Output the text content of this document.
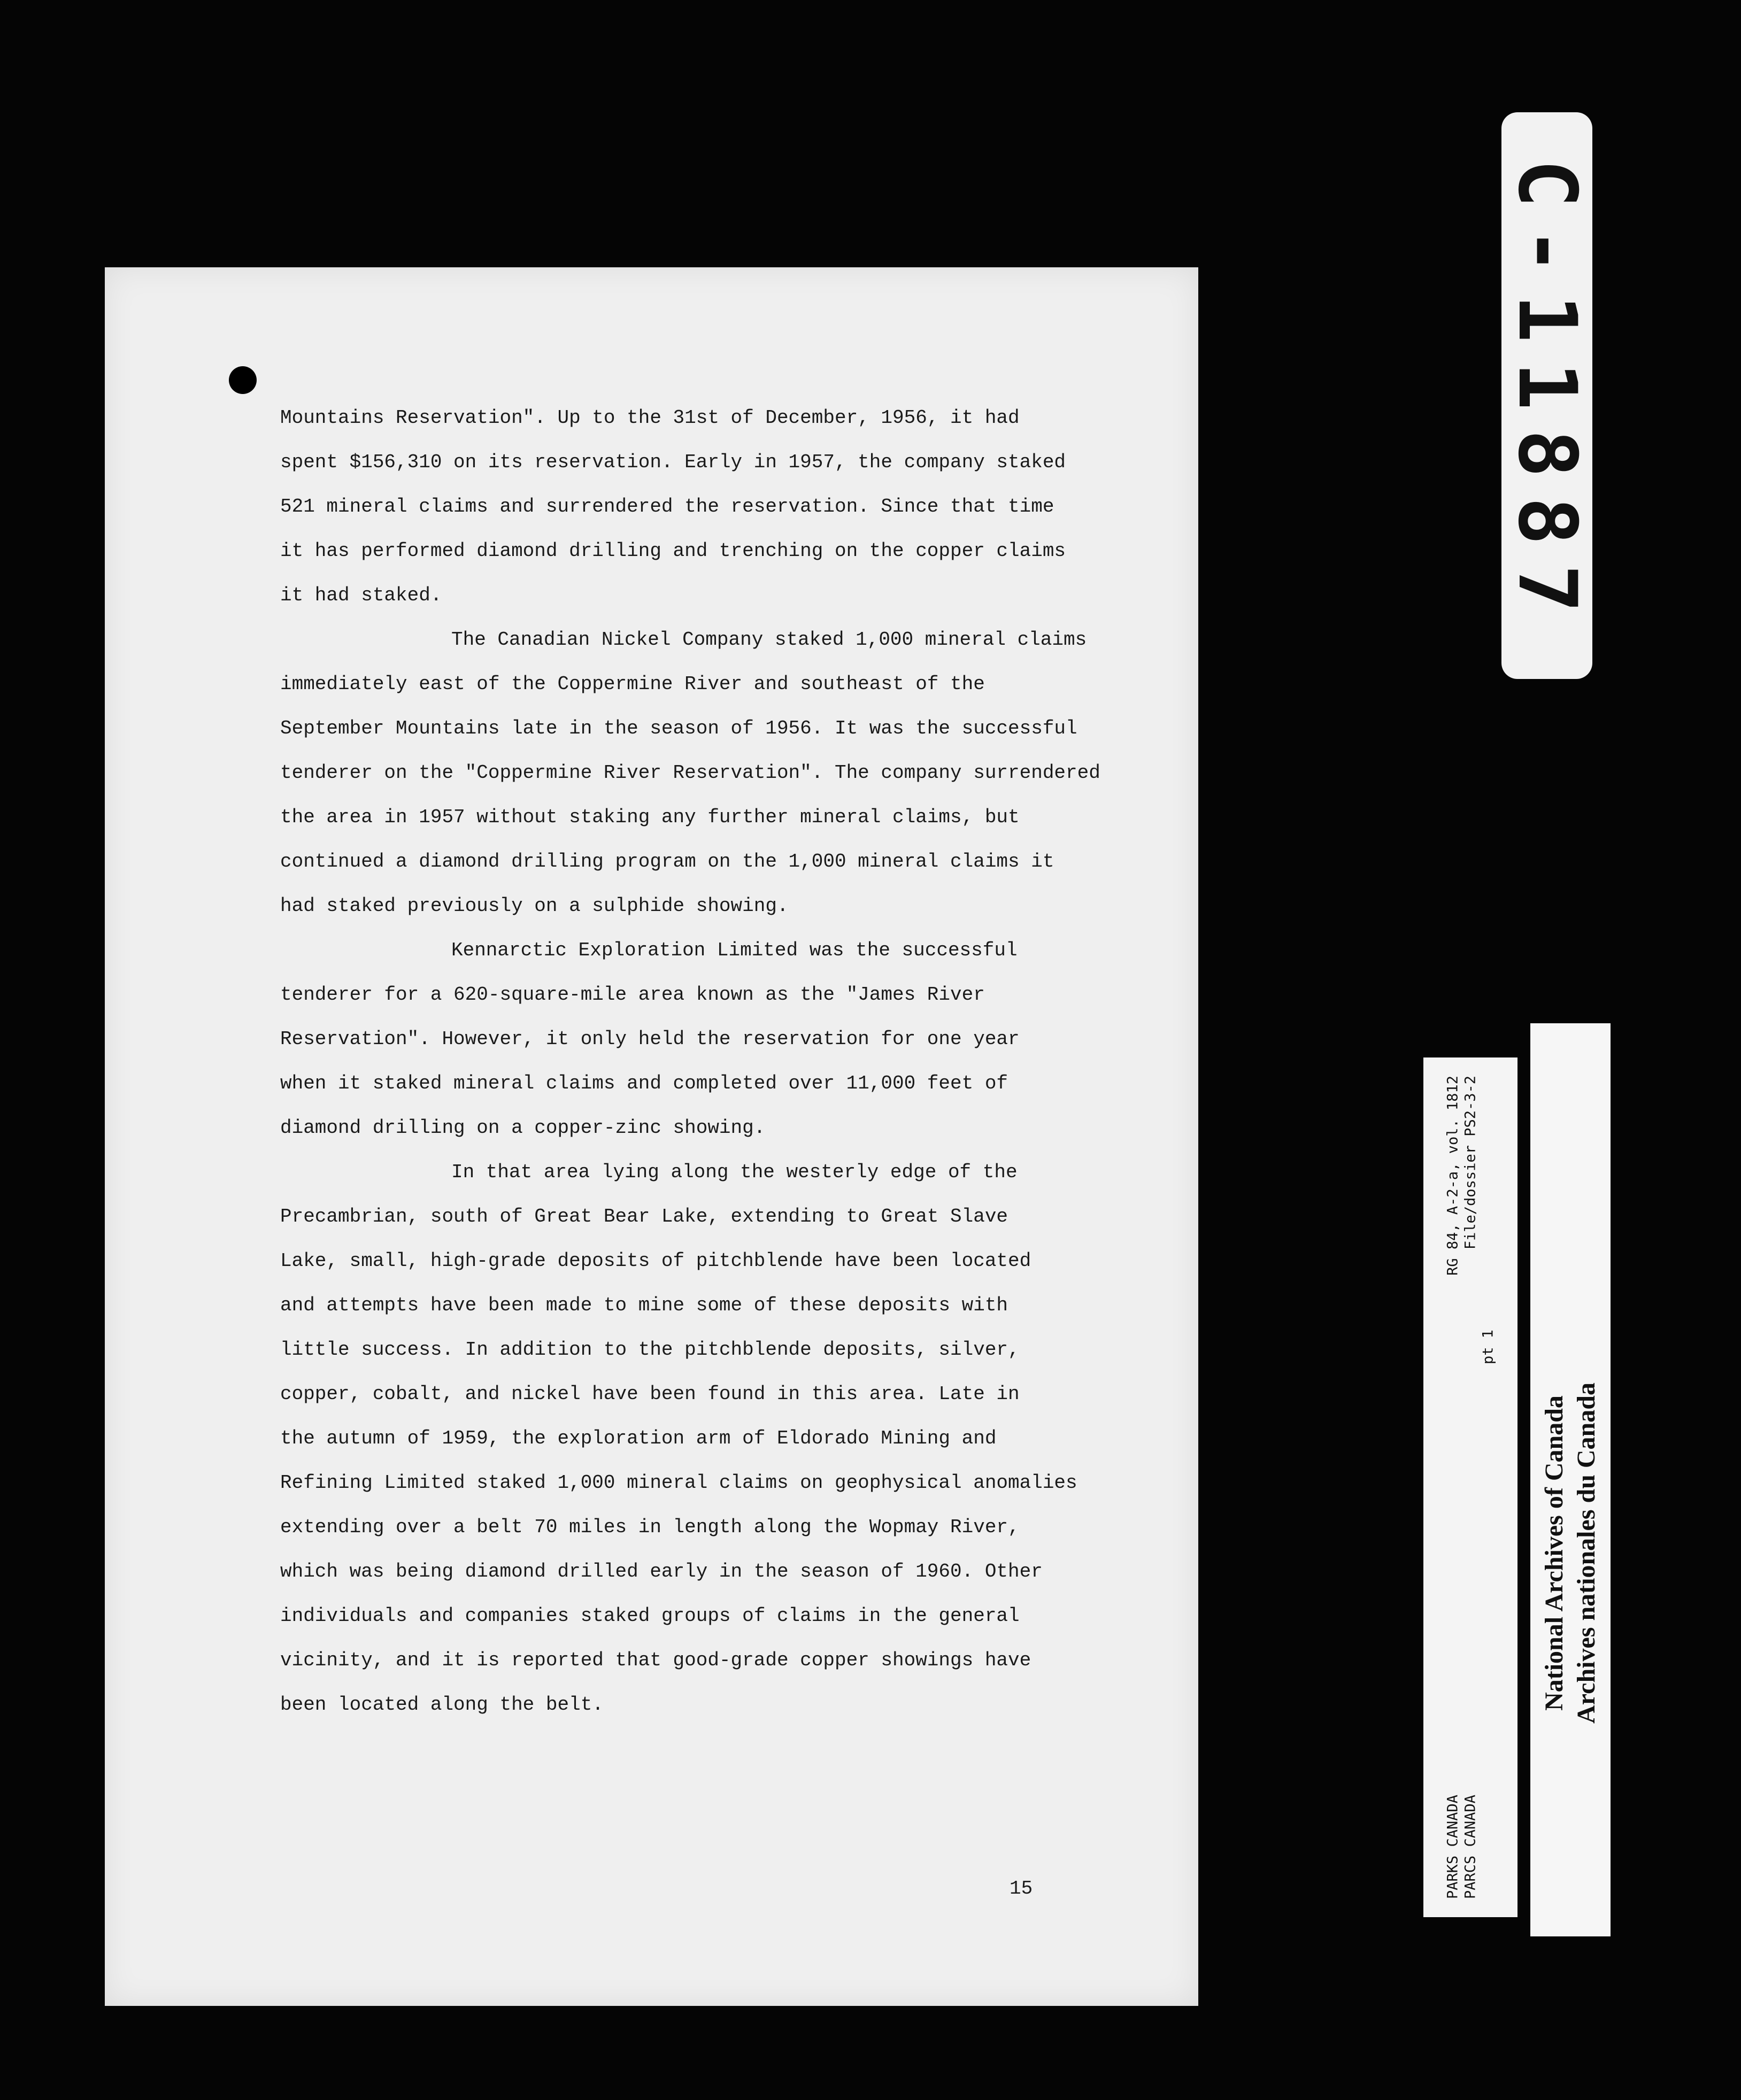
Mountains Reservation". Up to the 31st of December, 1956, it had
spent $156,310 on its reservation. Early in 1957, the company staked
521 mineral claims and surrendered the reservation. Since that time
it has performed diamond drilling and trenching on the copper claims
it had staked.
The Canadian Nickel Company staked 1,000 mineral claims
immediately east of the Coppermine River and southeast of the
September Mountains late in the season of 1956. It was the successful
tenderer on the "Coppermine River Reservation". The company surrendered
the area in 1957 without staking any further mineral claims, but
continued a diamond drilling program on the 1,000 mineral claims it
had staked previously on a sulphide showing.
Kennarctic Exploration Limited was the successful
tenderer for a 620-square-mile area known as the "James River
Reservation". However, it only held the reservation for one year
when it staked mineral claims and completed over 11,000 feet of
diamond drilling on a copper-zinc showing.
In that area lying along the westerly edge of the
Precambrian, south of Great Bear Lake, extending to Great Slave
Lake, small, high-grade deposits of pitchblende have been located
and attempts have been made to mine some of these deposits with
little success. In addition to the pitchblende deposits, silver,
copper, cobalt, and nickel have been found in this area. Late in
the autumn of 1959, the exploration arm of Eldorado Mining and
Refining Limited staked 1,000 mineral claims on geophysical anomalies
extending over a belt 70 miles in length along the Wopmay River,
which was being diamond drilled early in the season of 1960. Other
individuals and companies staked groups of claims in the general
vicinity, and it is reported that good-grade copper showings have
been located along the belt.
15
C-11887
PARKS CANADA
RG 84, A-2-a, vol. 1812
PARCS CANADA
File/dossier PS2-3-2
pt 1
National Archives of Canada Archives nationales du Canada
